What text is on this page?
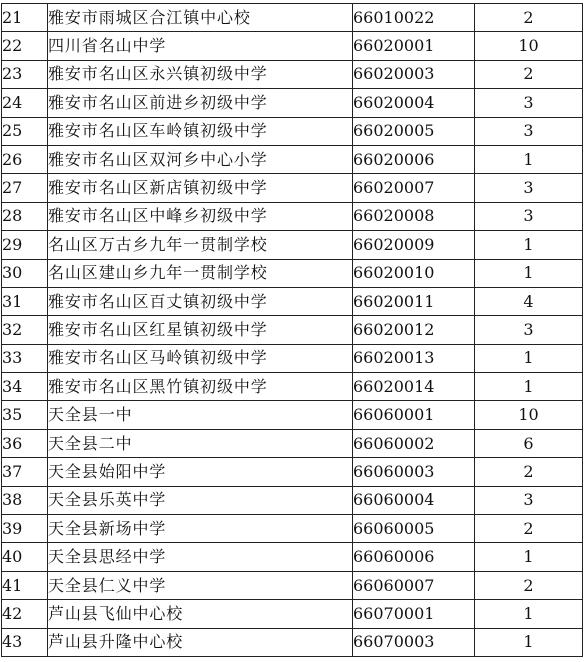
21	雅安市雨城区合江镇中心校	66010022	2
22	四川省名山中学	66020001	10
23	雅安市名山区永兴镇初级中学	66020003	2
24	雅安市名山区前进乡初级中学	66020004	3
25	雅安市名山区车岭镇初级中学	66020005	3
26	雅安市名山区双河乡中心小学	66020006	1
27	雅安市名山区新店镇初级中学	66020007	3
28	雅安市名山区中峰乡初级中学	66020008	3
29	名山区万古乡九年一贯制学校	66020009	1
30	名山区建山乡九年一贯制学校	66020010	1
31	雅安市名山区百丈镇初级中学	66020011	4
32	雅安市名山区红星镇初级中学	66020012	3
33	雅安市名山区马岭镇初级中学	66020013	1
34	雅安市名山区黑竹镇初级中学	66020014	1
35	天全县一中	66060001	10
36	天全县二中	66060002	6
37	天全县始阳中学	66060003	2
38	天全县乐英中学	66060004	3
39	天全县新场中学	66060005	2
40	天全县思经中学	66060006	1
41	天全县仁义中学	66060007	2
42	芦山县飞仙中心校	66070001	1
43	芦山县升隆中心校	66070003	1
